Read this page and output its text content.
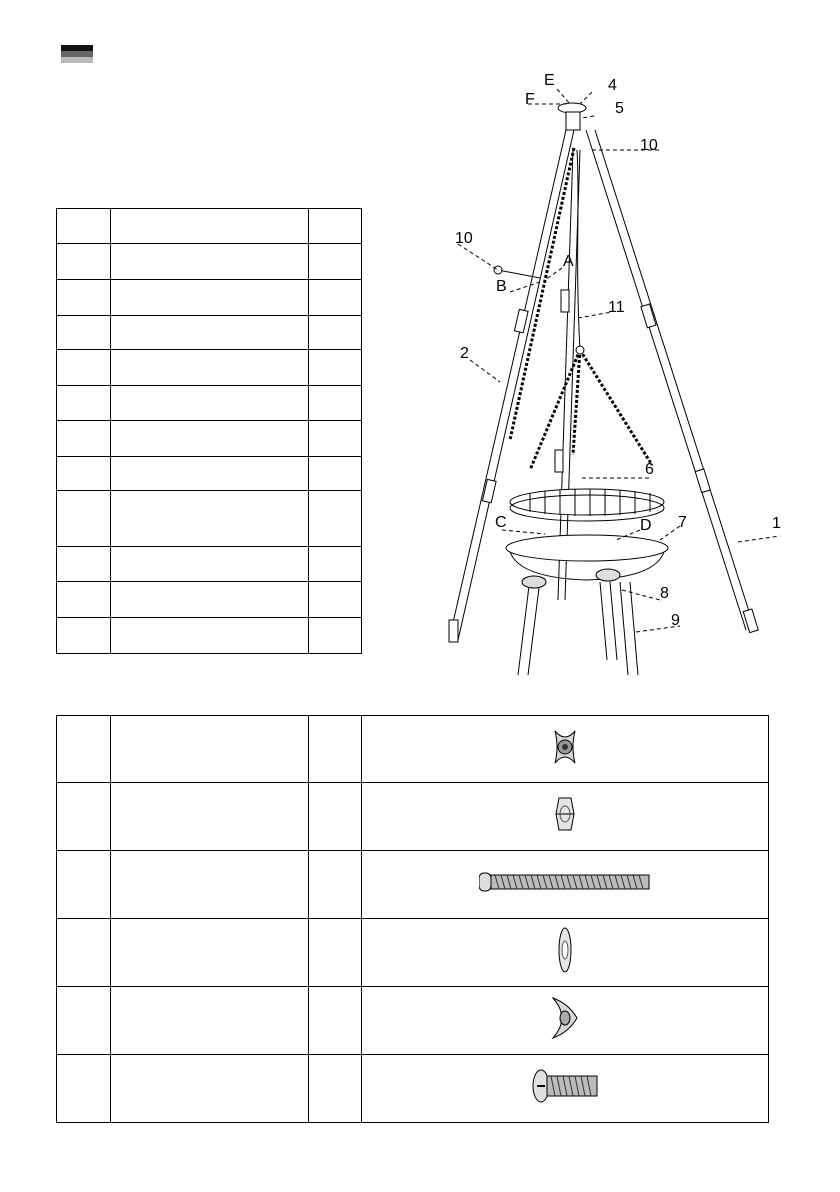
E	4
F
5
10
10
A
B
11
2
6
C	D 7	1
8
9
